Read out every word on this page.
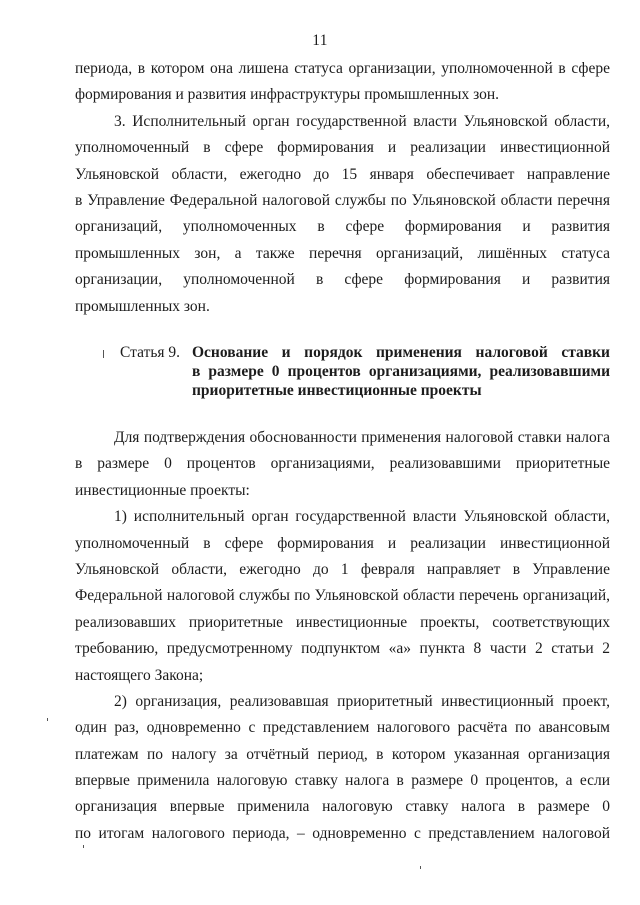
11
периода, в котором она лишена статуса организации, уполномоченной в сфере
формирования и развития инфраструктуры промышленных зон.
3. Исполнительный орган государственной власти Ульяновской области,
уполномоченный в сфере формирования и реализации инвестиционной
Ульяновской области, ежегодно до 15 января обеспечивает направление
в Управление Федеральной налоговой службы по Ульяновской области перечня
организаций, уполномоченных в сфере формирования и развития
промышленных зон, а также перечня организаций, лишённых статуса
организации, уполномоченной в сфере формирования и развития
промышленных зон.
Статья 9. Основание и порядок применения налоговой ставки
в размере 0 процентов организациями, реализовавшими
приоритетные инвестиционные проекты
Для подтверждения обоснованности применения налоговой ставки налога
в размере 0 процентов организациями, реализовавшими приоритетные
инвестиционные проекты:
1) исполнительный орган государственной власти Ульяновской области,
уполномоченный в сфере формирования и реализации инвестиционной
Ульяновской области, ежегодно до 1 февраля направляет в Управление
Федеральной налоговой службы по Ульяновской области перечень организаций,
реализовавших приоритетные инвестиционные проекты, соответствующих
требованию, предусмотренному подпунктом «а» пункта 8 части 2 статьи 2
настоящего Закона;
2) организация, реализовавшая приоритетный инвестиционный проект,
один раз, одновременно с представлением налогового расчёта по авансовым
платежам по налогу за отчётный период, в котором указанная организация
впервые применила налоговую ставку налога в размере 0 процентов, а если
организация впервые применила налоговую ставку налога в размере 0
по итогам налогового периода, – одновременно с представлением налоговой
